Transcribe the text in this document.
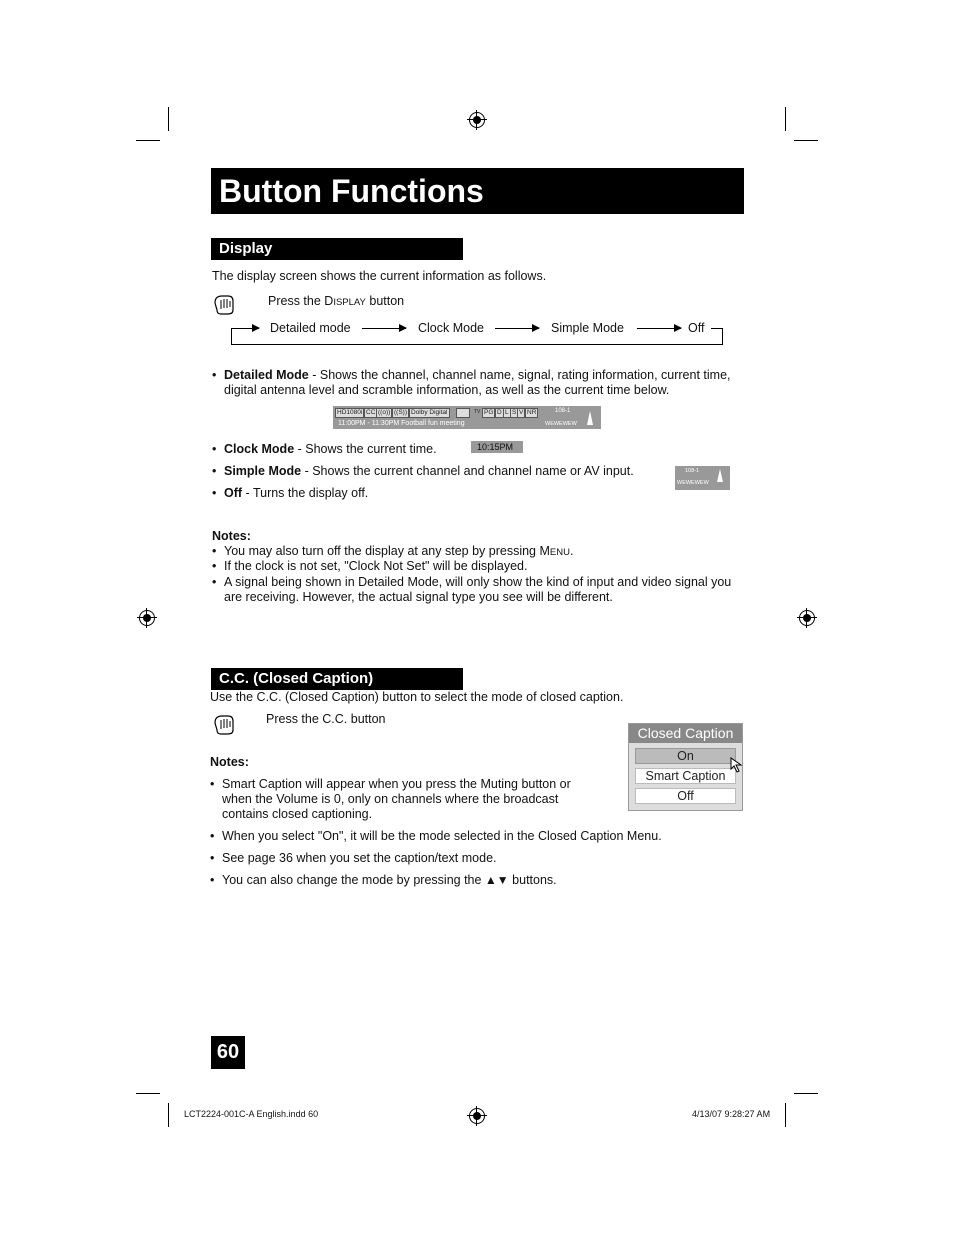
Button Functions
Display
The display screen shows the current information as follows.
Press the DISPLAY button
Detailed mode	Clock Mode	Simple Mode	Off
• Detailed Mode - Shows the channel, channel name, signal, rating information, current time,
digital antenna level and scramble information, as well as the current time below.
HD1080i CC ((o)) ((S)) Dolby Digital	TV PG D L S V NR	108-1
11:00PM - 11:30PM Football fun meeting	WEWEWEW
• Clock Mode - Shows the current time.	10:15PM
• Simple Mode - Shows the current channel and channel name or AV input.	108-1
WEWEWEW
• Off - Turns the display off.
Notes:
• You may also turn off the display at any step by pressing MENU.
• If the clock is not set, "Clock Not Set" will be displayed.
• A signal being shown in Detailed Mode, will only show the kind of input and video signal you
are receiving. However, the actual signal type you see will be different.
C.C. (Closed Caption)
Use the C.C. (Closed Caption) button to select the mode of closed caption.
Press the C.C. button
Notes:
• Smart Caption will appear when you press the Muting button or
when the Volume is 0, only on channels where the broadcast
contains closed captioning.
• When you select "On", it will be the mode selected in the Closed Caption Menu.
• See page 36 when you set the caption/text mode.
• You can also change the mode by pressing the ▲▼ buttons.
Closed Caption
On
Smart Caption
Off
60
LCT2224-001C-A English.indd 60	4/13/07 9:28:27 AM
